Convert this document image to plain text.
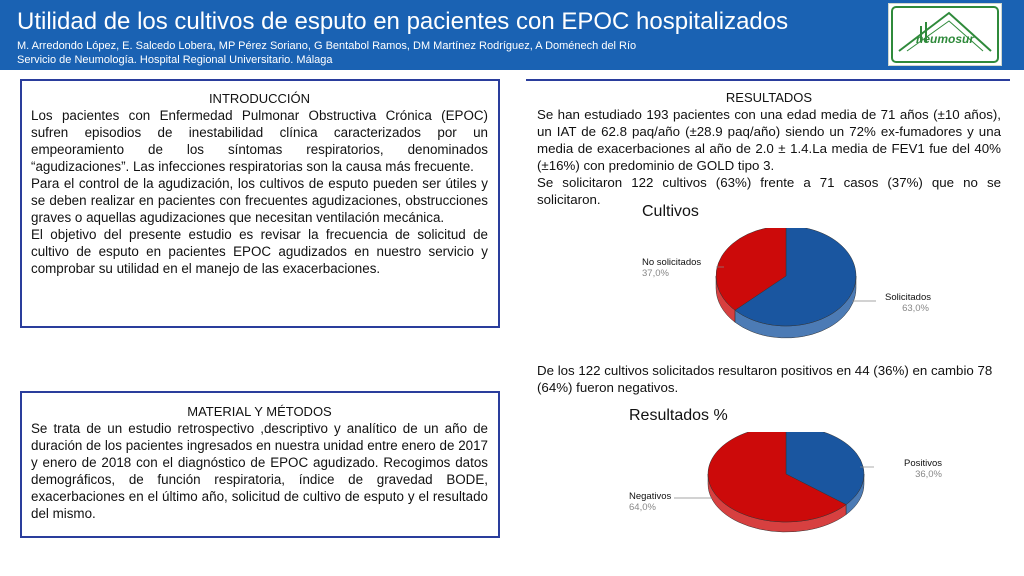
Utilidad de los cultivos de esputo en pacientes con EPOC hospitalizados
M. Arredondo López, E. Salcedo Lobera, MP Pérez Soriano, G Bentabol Ramos, DM Martínez Rodríguez, A Doménech del Río
Servicio de Neumología. Hospital Regional Universitario. Málaga
neumosur
INTRODUCCIÓN

Los pacientes con Enfermedad Pulmonar Obstructiva Crónica (EPOC) sufren episodios de inestabilidad clínica caracterizados por un empeoramiento de los síntomas respiratorios, denominados “agudizaciones”. Las infecciones respiratorias son la causa más frecuente.

Para el control de la agudización, los cultivos de esputo pueden ser útiles y se deben realizar en pacientes con frecuentes agudizaciones, obstrucciones graves o aquellas agudizaciones que necesitan ventilación mecánica.

El objetivo del presente estudio es revisar la frecuencia de solicitud de cultivo de esputo en pacientes EPOC agudizados en nuestro servicio y comprobar su utilidad en el manejo de las exacerbaciones.

MATERIAL Y MÉTODOS

Se trata de un estudio retrospectivo ,descriptivo y analítico de un año de duración de los pacientes ingresados en nuestra unidad entre enero de 2017 y enero de 2018 con el diagnóstico de EPOC agudizado. Recogimos datos demográficos, de función respiratoria, índice de gravedad BODE, exacerbaciones en el último año, solicitud de cultivo de esputo y el resultado del mismo.

RESULTADOS

Se han estudiado 193 pacientes con una edad media de 71 años (±10 años), un IAT de 62.8 paq/año (±28.9 paq/año) siendo un 72% ex-fumadores y una media de exacerbaciones al año de 2.0 ± 1.4.La media de FEV1 fue del 40% (±16%) con predominio de GOLD tipo 3.

Se solicitaron 122 cultivos (63%) frente a 71 casos (37%) que no se solicitaron.

Cultivos
Solicitados
63,0%
No solicitados
37,0%

De los 122 cultivos solicitados resultaron positivos en 44 (36%) en cambio 78 (64%) fueron negativos.

Resultados %
Positivos
36,0%
Negativos
64,0%
